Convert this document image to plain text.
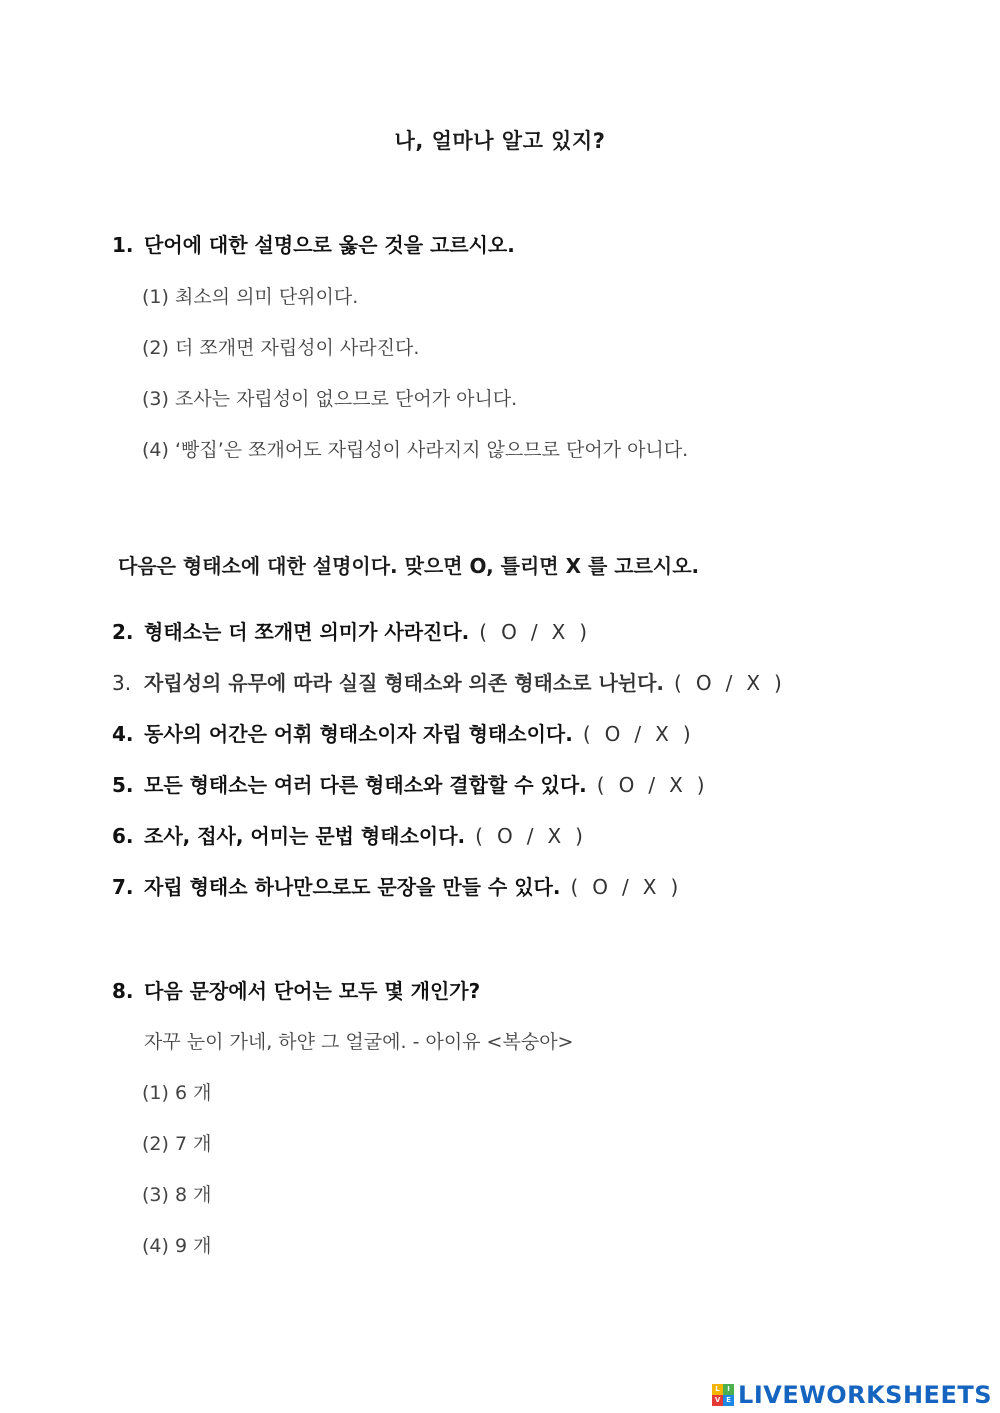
나, 얼마나 알고 있지?
1. 단어에 대한 설명으로 옳은 것을 고르시오.
(1) 최소의 의미 단위이다.
(2) 더 쪼개면 자립성이 사라진다.
(3) 조사는 자립성이 없으므로 단어가 아니다.
(4) ‘빵집’은 쪼개어도 자립성이 사라지지 않으므로 단어가 아니다.
다음은 형태소에 대한 설명이다. 맞으면 O, 틀리면 X 를 고르시오.
2. 형태소는 더 쪼개면 의미가 사라진다. ( O / X )
3. 자립성의 유무에 따라 실질 형태소와 의존 형태소로 나뉜다. ( O / X )
4. 동사의 어간은 어휘 형태소이자 자립 형태소이다. ( O / X )
5. 모든 형태소는 여러 다른 형태소와 결합할 수 있다. ( O / X )
6. 조사, 접사, 어미는 문법 형태소이다. ( O / X )
7. 자립 형태소 하나만으로도 문장을 만들 수 있다. ( O / X )
8. 다음 문장에서 단어는 모두 몇 개인가?
자꾸 눈이 가네, 하얀 그 얼굴에. - 아이유 <복숭아>
(1) 6 개
(2) 7 개
(3) 8 개
(4) 9 개
L	I
V E LIVEWORKSHEETS
